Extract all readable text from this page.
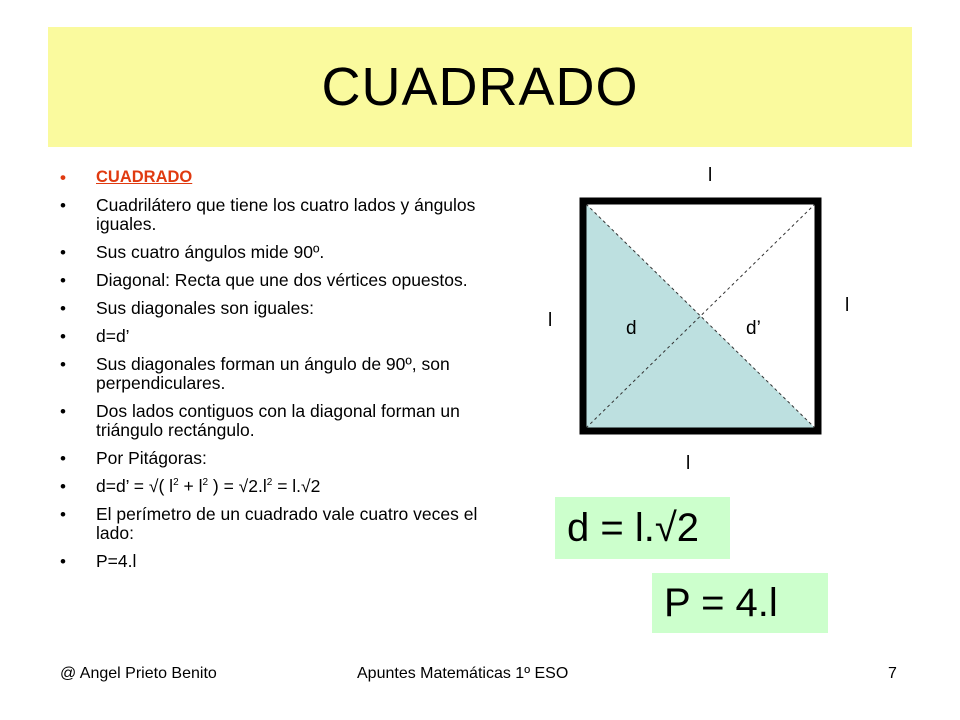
CUADRADO
• CUADRADO
• Cuadrilátero que tiene los cuatro lados y ángulos iguales.
• Sus cuatro ángulos mide 90º.
• Diagonal: Recta que une dos vértices opuestos.
• Sus diagonales son iguales:
• d=d’
• Sus diagonales forman un ángulo de 90º, son perpendiculares.
• Dos lados contiguos con la diagonal forman un triángulo rectángulo.
• Por Pitágoras:
• d=d’ = √( $l^2 + l^2$ ) = $√2.l^2 = l.√2$
• El perímetro de un cuadrado vale cuatro veces el lado:
• P=4.l
l
l
l
l
d	d’
d = l.√2
P = 4.l
@ Angel Prieto Benito	Apuntes Matemáticas 1º ESO	7
